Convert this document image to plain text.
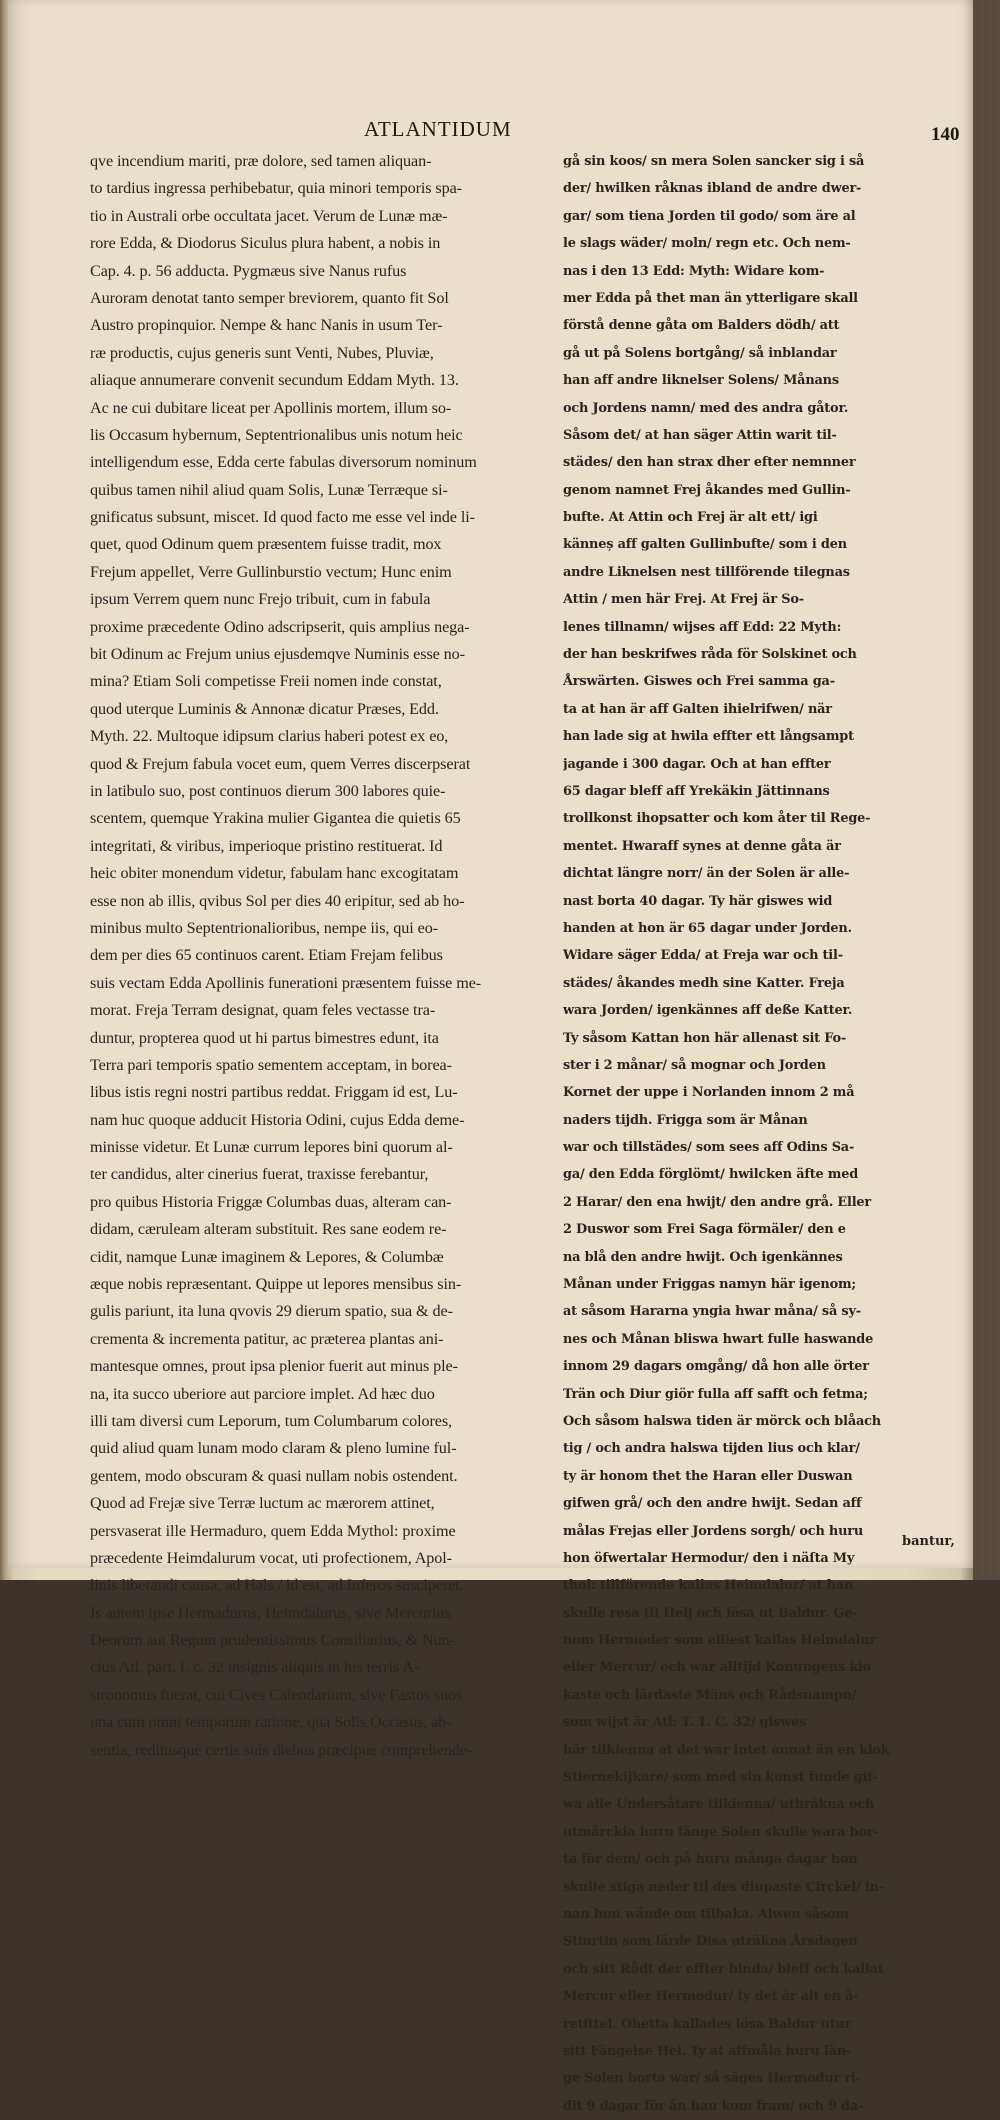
ATLANTIDUM	140
qve incendium mariti, præ dolore, sed tamen aliquan-
to tardius ingressa perhibebatur, quia minori temporis spa-
tio in Australi orbe occultata jacet. Verum de Lunæ mæ-
rore Edda, & Diodorus Siculus plura habent, a nobis in
Cap. 4. p. 56 adducta. Pygmæus sive Nanus rufus
Auroram denotat tanto semper breviorem, quanto fit Sol
Austro propinquior. Nempe & hanc Nanis in usum Ter-
ræ productis, cujus generis sunt Venti, Nubes, Pluviæ,
aliaque annumerare convenit secundum Eddam Myth. 13.
Ac ne cui dubitare liceat per Apollinis mortem, illum so-
lis Occasum hybernum, Septentrionalibus unis notum heic
intelligendum esse, Edda certe fabulas diversorum nominum
quibus tamen nihil aliud quam Solis, Lunæ Terræque si-
gnificatus subsunt, miscet. Id quod facto me esse vel inde li-
quet, quod Odinum quem præsentem fuisse tradit, mox
Frejum appellet, Verre Gullinburstio vectum; Hunc enim
ipsum Verrem quem nunc Frejo tribuit, cum in fabula
proxime præcedente Odino adscripserit, quis amplius nega-
bit Odinum ac Frejum unius ejusdemqve Numinis esse no-
mina? Etiam Soli competisse Freii nomen inde constat,
quod uterque Luminis & Annonæ dicatur Præses, Edd.
Myth. 22. Multoque idipsum clarius haberi potest ex eo,
quod & Frejum fabula vocet eum, quem Verres discerpserat
in latibulo suo, post continuos dierum 300 labores quie-
scentem, quemque Yrakina mulier Gigantea die quietis 65
integritati, & viribus, imperioque pristino restituerat. Id
heic obiter monendum videtur, fabulam hanc excogitatam
esse non ab illis, qvibus Sol per dies 40 eripitur, sed ab ho-
minibus multo Septentrionalioribus, nempe iis, qui eo-
dem per dies 65 continuos carent. Etiam Frejam felibus
suis vectam Edda Apollinis funerationi præsentem fuisse me-
morat. Freja Terram designat, quam feles vectasse tra-
duntur, propterea quod ut hi partus bimestres edunt, ita
Terra pari temporis spatio sementem acceptam, in borea-
libus istis regni nostri partibus reddat. Friggam id est, Lu-
nam huc quoque adducit Historia Odini, cujus Edda deme-
minisse videtur. Et Lunæ currum lepores bini quorum al-
ter candidus, alter cinerius fuerat, traxisse ferebantur,
pro quibus Historia Friggæ Columbas duas, alteram can-
didam, cæruleam alteram substituit. Res sane eodem re-
cidit, namque Lunæ imaginem & Lepores, & Columbæ
æque nobis repræsentant. Quippe ut lepores mensibus sin-
gulis pariunt, ita luna qvovis 29 dierum spatio, sua & de-
crementa & incrementa patitur, ac præterea plantas ani-
mantesque omnes, prout ipsa plenior fuerit aut minus ple-
na, ita succo uberiore aut parciore implet. Ad hæc duo
illi tam diversi cum Leporum, tum Columbarum colores,
quid aliud quam lunam modo claram & pleno lumine ful-
gentem, modo obscuram & quasi nullam nobis ostendent.
Quod ad Frejæ sive Terræ luctum ac mærorem attinet,
persvaserat ille Hermaduro, quem Edda Mythol: proxime
præcedente Heimdalurum vocat, uti profectionem, Apol-
linis liberandi causa, ad Häls / id est, ad Inferos susciperet.
Is autem ipse Hermadurus, Heimdalurus, sive Mercurius
Deorum aut Regum prudentissimus Consiliarius, & Nun-
cius Atl. part. I. c. 32 insignis aliquis in his terris A-
stronomus fuerat, cui Cives Calendarium, sive Fastos suos
una cum omni temporum ratione, qua Solis Occasus, ab-
sentia, reditusque certis suis diebus præcipue comprehende-
gå sin koos/ sn mera Solen sancker sig i så
der/ hwilken råknas ibland de andre dwer-
gar/ som tiena Jorden til godo/ som äre al
le slags wäder/ moln/ regn etc. Och nem-
nas i den 13 Edd: Myth: Widare kom-
mer Edda på thet man än ytterligare skall
förstå denne gåta om Balders dödh/ att
gå ut på Solens bortgång/ så inblandar
han aff andre liknelser Solens/ Månans
och Jordens namn/ med des andra gåtor.
Såsom det/ at han säger Attin warit til-
städes/ den han strax dher efter nemnner
genom namnet Frej åkandes med Gullin-
bufte. At Attin och Frej är alt ett/ igi
känneș aff galten Gullinbufte/ som i den
andre Liknelsen nest tillförende tilegnas
Attin / men här Frej. At Frej är So-
lenes tillnamn/ wijses aff Edd: 22 Myth:
der han beskrifwes råda för Solskinet och
Årswärten. Giswes och Frei samma ga-
ta at han är aff Galten ihielrifwen/ när
han lade sig at hwila effter ett långsampt
jagande i 300 dagar. Och at han effter
65 dagar bleff aff Yrekäkin Jättinnans
trollkonst ihopsatter och kom åter til Rege-
mentet. Hwaraff synes at denne gåta är
dichtat längre norr/ än der Solen är alle-
nast borta 40 dagar. Ty här giswes wid
handen at hon är 65 dagar under Jorden.
Widare säger Edda/ at Freja war och til-
städes/ åkandes medh sine Katter. Freja
wara Jorden/ igenkännes aff deße Katter.
Ty såsom Kattan hon här allenast sit Fo-
ster i 2 månar/ så mognar och Jorden
Kornet der uppe i Norlanden innom 2 må
naders tijdh. Frigga som är Månan
war och tillstädes/ som sees aff Odins Sa-
ga/ den Edda förglömt/ hwilcken äfte med
2 Harar/ den ena hwijt/ den andre grå. Eller
2 Duswor som Frei Saga förmäler/ den e
na blå den andre hwijt. Och igenkännes
Månan under Friggas namyn här igenom;
at såsom Hararna yngia hwar måna/ så sy-
nes och Månan bliswa hwart fulle haswande
innom 29 dagars omgång/ då hon alle örter
Trän och Diur giör fulla aff safft och fetma;
Och såsom halswa tiden är mörck och blåach
tig / och andra halswa tijden lius och klar/
ty är honom thet the Haran eller Duswan
gifwen grå/ och den andre hwijt. Sedan aff
målas Frejas eller Jordens sorgh/ och huru
hon öfwertalar Hermodur/ den i näſta My
thol: tillförende kallas Heimdalur/ at han
skulle resa til Helj och lösa ut Baldur. Ge-
nom Hermoder som elliest kallas Heimdalur
eller Mercur/ och war alltijd Konungens klo
kaste och lärdaste Mäns och Rådsnampn/
som wijst är Atl: T. 1. C. 32/ giswes
här tilkienna at det war intet annat än en klok
Stiernekijkare/ som med sin konst funde gif-
wa alle Undersåtare tilkienna/ uthräkna och
utmärckia huru länge Solen skulle wara bor-
ta för dem/ och på huru många dagar hon
skulle stiga neder til des diupaste Circkel/ in-
nan hon wände om tilbaka. Alwen såsom
Stiurtin som lärde Disa uträkna Årsdagen
och sitt Rådt der effter binda/ bleff och kallat
Mercur eller Hermodur/ ty det är alt en å-
retittel. Ohetta kallades lösa Baldur utur
sitt Fängelse Hel. Ty at affmåla huru län-
ge Solen borta war/ så säges Hermodur ri-
dit 9 dagar för än hau kom fram/ och 9 da-
bantur,
